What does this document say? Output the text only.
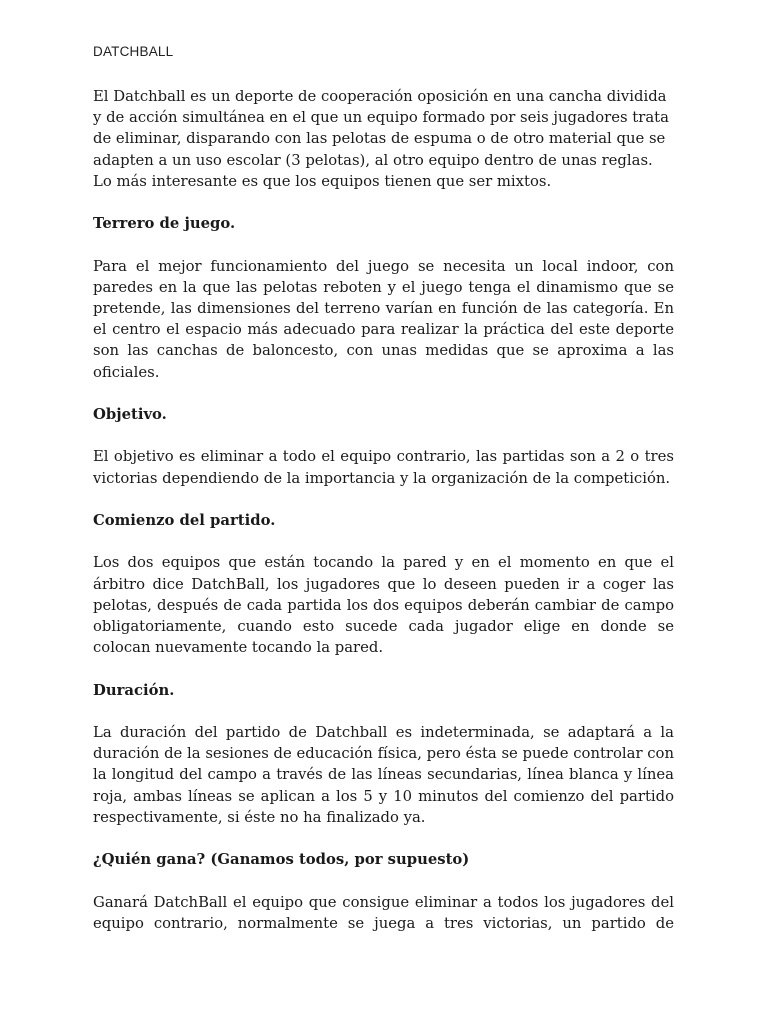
DATCHBALL

El Datchball es un deporte de cooperación oposición en una cancha dividida
y de acción simultánea en el que un equipo formado por seis jugadores trata
de eliminar, disparando con las pelotas de espuma o de otro material que se
adapten a un uso escolar (3 pelotas), al otro equipo dentro de unas reglas.
Lo más interesante es que los equipos tienen que ser mixtos.

Terrero de juego.

Para el mejor funcionamiento del juego se necesita un local indoor, con paredes en la que las pelotas reboten y el juego tenga el dinamismo que se pretende, las dimensiones del terreno varían en función de las categoría. En el centro el espacio más adecuado para realizar la práctica del este deporte son las canchas de baloncesto, con unas medidas que se aproxima a las oficiales.

Objetivo.

El objetivo es eliminar a todo el equipo contrario, las partidas son a 2 o tres victorias dependiendo de la importancia y la organización de la competición.

Comienzo del partido.

Los dos equipos que están tocando la pared y en el momento en que el árbitro dice DatchBall, los jugadores que lo deseen pueden ir a coger las pelotas, después de cada partida los dos equipos deberán cambiar de campo obligatoriamente, cuando esto sucede cada jugador elige en donde se colocan nuevamente tocando la pared.

Duración.

La duración del partido de Datchball es indeterminada, se adaptará a la duración de la sesiones de educación física, pero ésta se puede controlar con la longitud del campo a través de las líneas secundarias, línea blanca y línea roja, ambas líneas se aplican a los 5 y 10 minutos del comienzo del partido respectivamente, si éste no ha finalizado ya.

¿Quién gana? (Ganamos todos, por supuesto)

Ganará DatchBall el equipo que consigue eliminar a todos los jugadores del equipo contrario, normalmente se juega a tres victorias, un partido de
